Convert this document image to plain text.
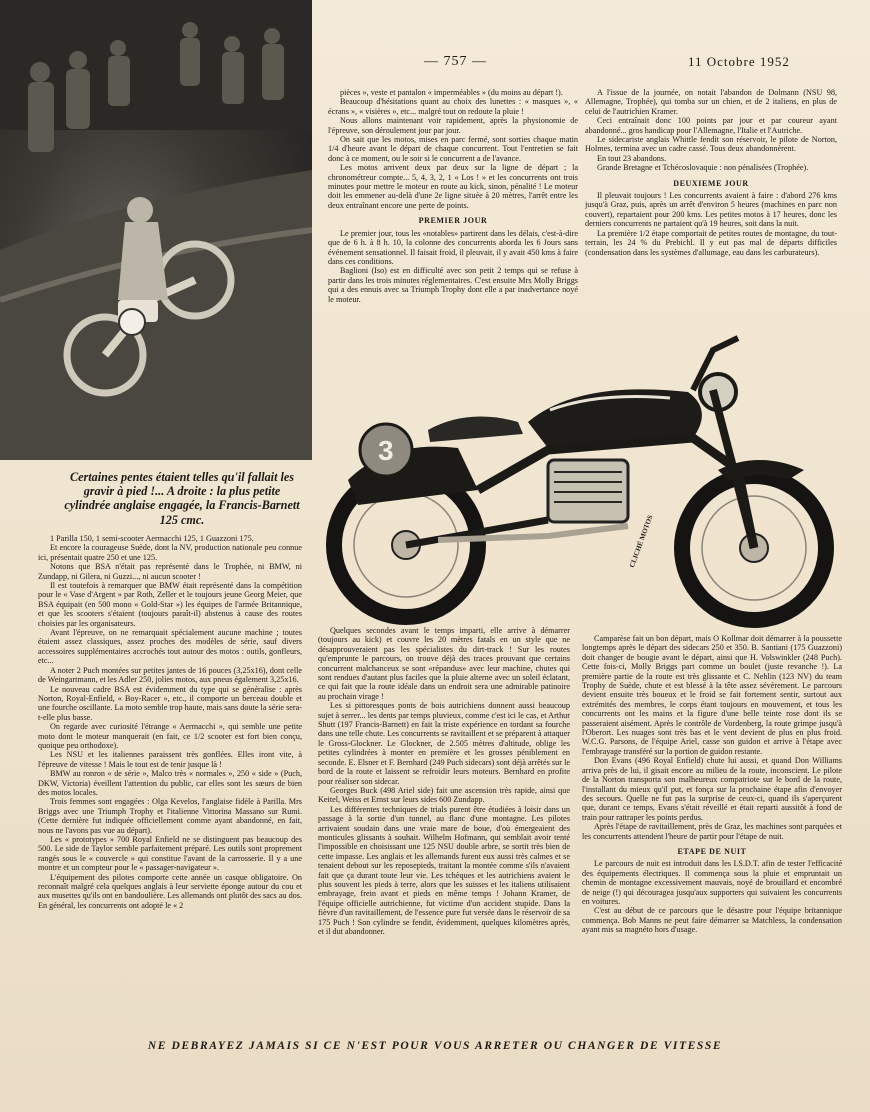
— 757 —	11 Octobre 1952

pièces », veste et pantalon « imperméables » (du moins au départ !).

Beaucoup d'hésitations quant au choix des lunettes : « masques », « écrans », « visières », etc... malgré tout on redoute la pluie !

Nous allons maintenant voir rapidement, après la physionomie de l'épreuve, son déroulement jour par jour.

On sait que les motos, mises en parc fermé, sont sorties chaque matin 1/4 d'heure avant le départ de chaque concurrent. Tout l'entretien se fait donc à ce moment, ou le soir si le concurrent a de l'avance.

Les motos arrivent deux par deux sur la ligne de départ ; la chronométreur compte... 5, 4, 3, 2, 1 « Los ! » et les concurrents ont trois minutes pour mettre le moteur en route au kick, sinon, pénalité ! Le moteur doit les emmener au-delà d'une 2e ligne située à 20 mètres, l'arrêt entre les deux entraînant encore une perte de points.

PREMIER JOUR

Le premier jour, tous les «notables» partirent dans les délais, c'est-à-dire que de 6 h. à 8 h. 10, la colonne des concurrents aborda les 6 Jours sans événement sensationnel. Il faisait froid, il pleuvait, il y avait 450 kms à faire dans ces conditions.

Baglioni (Iso) est en difficulté avec son petit 2 temps qui se refuse à partir dans les trois minutes réglementaires. C'est ensuite Mrs Molly Briggs qui a des ennuis avec sa Triumph Trophy dont elle a par inadvertance noyé le moteur.

A l'issue de la journée, on notait l'abandon de Dolmann (NSU 98, Allemagne, Trophée), qui tomba sur un chien, et de 2 italiens, en plus de celui de l'autrichien Kramer.

Ceci entraînait donc 100 points par jour et par coureur ayant abandonné... gros handicap pour l'Allemagne, l'Italie et l'Autriche.

Le sidecariste anglais Whittle fendit son réservoir, le pilote de Norton, Holmes, termina avec un cadre cassé. Tous deux abandonnèrent.

En tout 23 abandons.

Grande Bretagne et Tchécoslovaquie : non pénalisées (Trophée).

DEUXIEME JOUR

Il pleuvait toujours ! Les concurrents avaient à faire : d'abord 276 kms jusqu'à Graz, puis, après un arrêt d'environ 5 heures (machines en parc non couvert), repartaient pour 200 kms. Les petites motos à 17 heures, donc les derniers concurrents ne partaient qu'à 19 heures, soit dans la nuit.

La première 1/2 étape comportait de petites routes de montagne, du tout-terrain, les 24 % du Prebichl. Il y eut pas mal de départs difficiles (condensation dans les systèmes d'allumage, eau dans les carburateurs).

3
CLICHÉ MOTOS
Certaines pentes étaient telles qu'il fallait les gravir à pied !... A droite : la plus petite cylindrée anglaise engagée, la Francis-Barnett 125 cmc.

1 Parilla 150, 1 semi-scooter Aermacchi 125, 1 Guazzoni 175.

Et encore la courageuse Suède, dont la NV, production nationale peu connue ici, présentait quatre 250 et une 125.

Notons que BSA n'était pas représenté dans le Trophée, ni BMW, ni Zundapp, ni Gilera, ni Guzzi..., ni aucun scooter !

Il est toutefois à remarquer que BMW était représenté dans la compétition pour le « Vase d'Argent » par Roth, Zeller et le toujours jeune Georg Meier, que BSA équipait (en 500 mono « Gold-Star ») les équipes de l'armée Britannique, et que les scooters s'étaient (toujours paraît-il) abstenus à cause des routes choisies par les organisateurs.

Avant l'épreuve, on ne remarquait spécialement aucune machine ; toutes étaient assez classiques, assez proches des modèles de série, sauf divers accessoires supplémentaires accrochés tout autour des motos : outils, gonfleurs, etc...

A noter 2 Puch montées sur petites jantes de 16 pouces (3,25x16), dont celle de Weingartmann, et les Adler 250, jolies motos, aux pneus également 3,25x16.

Le nouveau cadre BSA est évidemment du type qui se généralise : après Norton, Royal-Enfield, « Boy-Racer », etc., il comporte un berceau double et une fourche oscillante. La moto semble trop haute, mais sans doute la série sera-t-elle plus basse.

On regarde avec curiosité l'étrange « Aermacchi », qui semble une petite moto dont le moteur manquerait (en fait, ce 1/2 scooter est fort bien conçu, quoique peu orthodoxe).

Les NSU et les italiennes paraissent très gonflées. Elles iront vite, à l'épreuve de vitesse ! Mais le tout est de tenir jusque là !

BMW au ronron « de série », Malco très « normales », 250 « side » (Puch, DKW, Victoria) éveillent l'attention du public, car elles sont les sœurs de bien des motos locales.

Trois femmes sont engagées : Olga Kevelos, l'anglaise fidèle à Parilla. Mrs Briggs avec une Triumph Trophy et l'italienne Vittorina Massano sur Rumi. (Cette dernière fut indiquée officiellement comme ayant abandonné, en fait, nous ne l'avons pas vue au départ).

Les « prototypes » 700 Royal Enfield ne se distinguent pas beaucoup des 500. Le side de Taylor semble parfaitement préparé. Les outils sont proprement rangés sous le « couvercle » qui constitue l'avant de la carrosserie. Il y a une montre et un compteur pour le « passager-navigateur ».

L'équipement des pilotes comporte cette année un casque obligatoire. On reconnaît malgré cela quelques anglais à leur serviette éponge autour du cou et aux musettes qu'ils ont en bandoulière. Les allemands ont plutôt des sacs au dos. En général, les concurrents ont adopté le « 2

Quelques secondes avant le temps imparti, elle arrive à démarrer (toujours au kick) et couvre les 20 mètres fatals en un style que ne désapprouveraient pas les spécialistes du dirt-track ! Sur les routes qu'emprunte le parcours, on trouve déjà des traces prouvant que certains concurrent malchanceux se sont «répandus» avec leur machine, chutes qui sont rendues d'autant plus faciles que la pluie alterne avec un soleil éclatant, ce qui fait que la route idéale dans un endroit sera une admirable patinoire au prochain virage !

Les si pittoresques ponts de bois autrichiens donnent aussi beaucoup sujet à serrer... les dents par temps pluvieux, comme c'est ici le cas, et Arthur Shutt (197 Francis-Barnett) en fait la triste expérience en tordant sa fourche dans une telle chute. Les concurrents se ravitaillent et se préparent à attaquer le Gross-Glockner. Le Glockner, de 2.505 mètres d'altitude, oblige les petites cylindrées à monter en première et les grosses péniblement en seconde. E. Elsner et F. Bernhard (249 Puch sidecars) sont déjà arrêtés sur le bord de la route et laissent se refroidir leurs moteurs. Bernhard en profite pour réaliser son sidecar.

Georges Buck (498 Ariel side) fait une ascension très rapide, ainsi que Keitel, Weiss et Ernst sur leurs sides 600 Zundapp.

Les différentes techniques de trials purent être étudiées à loisir dans un passage à la sortie d'un tunnel, au flanc d'une montagne. Les pilotes arrivaient soudain dans une vraie mare de boue, d'où émergeaient des monticules glissants à souhait. Wilhelm Hofmann, qui semblait avoir tenté l'impossible en choisissant une 125 NSU double arbre, se sortit très bien de cette impasse. Les anglais et les allemands furent eux aussi très calmes et se tenaient debout sur les reposepieds, traitant la montée comme s'ils n'avaient fait que ça durant toute leur vie. Les tchèques et les autrichiens avaient le plus souvent les pieds à terre, alors que les suisses et les italiens utilisaient embrayage, frein avant et pieds en même temps ! Johann Kramer, de l'équipe officielle autrichienne, fut victime d'un accident stupide. Dans la fièvre d'un ravitaillement, de l'essence pure fut versée dans le réservoir de sa 175 Puch ! Son cylindre se fendit, évidemment, quelques kilomètres après, et il dut abandonner.

Camparèse fait un bon départ, mais O Kollmar doit démarrer à la poussette longtemps après le départ des sidecars 250 et 350. B. Santiani (175 Guazzoni) doit changer de bougie avant le départ, ainsi que H. Volswinkler (248 Puch). Cette fois-ci, Molly Briggs part comme un boulet (juste revanche !). La première partie de la route est très glissante et C. Nehlin (123 NV) du team Trophy de Suède, chute et est blessé à la tête assez sévèrement. Le parcours devient ensuite très boueux et le froid se fait fortement sentir, surtout aux extrémités des membres, le corps étant toujours en mouvement, et tous les concurrents ont les mains et la figure d'une belle teinte rose dont ils se passeraient aisément. Après le contrôle de Vordenberg, la route grimpe jusqu'à l'Oberort. Les nuages sont très bas et le vent devient de plus en plus froid. W.C.G. Parsons, de l'équipe Ariel, casse son guidon et arrive à l'étape avec l'embrayage transféré sur la portion de guidon restante.

Don Evans (496 Royal Enfield) chute lui aussi, et quand Don Williams arriva près de lui, il gisait encore au milieu de la route, inconscient. Le pilote de la Norton transporta son malheureux compatriote sur le bord de la route, l'installant du mieux qu'il put, et fonça sur la prochaine étape afin d'envoyer des secours. Quelle ne fut pas la surprise de ceux-ci, quand ils s'aperçurent que, durant ce temps, Evans s'était réveillé et était reparti aussitôt à fond de train pour rattraper les points perdus.

Après l'étape de ravitaillement, près de Graz, les machines sont parquées et les concurrents attendent l'heure de partir pour l'étape de nuit.

ETAPE DE NUIT

Le parcours de nuit est introduit dans les I.S.D.T. afin de tester l'efficacité des équipements électriques. Il commença sous la pluie et empruntait un chemin de montagne excessivement mauvais, noyé de brouillard et encombré de neige (!) qui découragea jusqu'aux supporters qui suivaient les concurrents en voitures.

C'est au début de ce parcours que le désastre pour l'équipe britannique commença. Bob Manns ne peut faire démarrer sa Matchless, la condensation ayant mis sa magnéto hors d'usage.

NE DEBRAYEZ JAMAIS SI CE N'EST POUR VOUS ARRETER OU CHANGER DE VITESSE
